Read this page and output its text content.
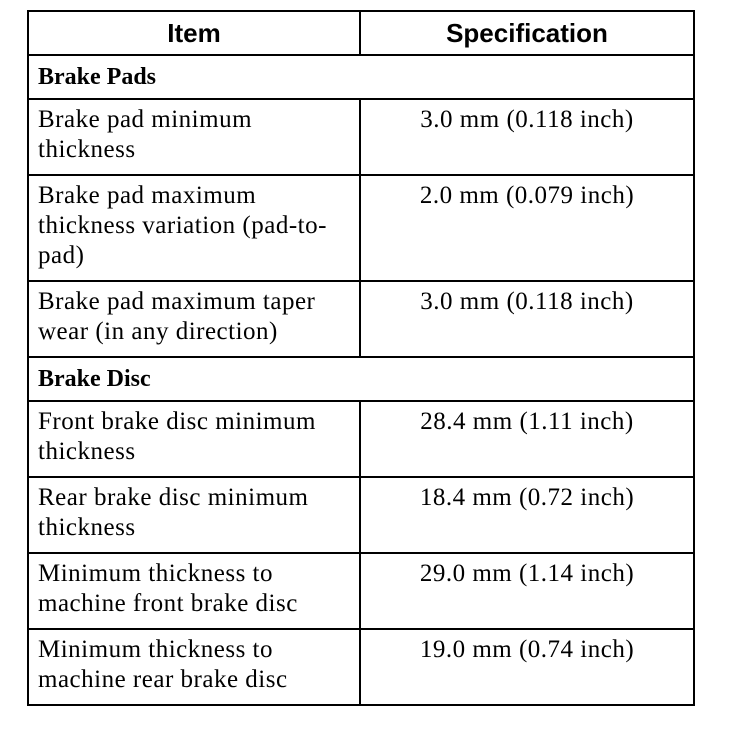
Item	Specification
Brake Pads	
Brake pad minimum thickness	3.0 mm (0.118 inch)
Brake pad maximum thickness variation (pad-to-pad)	2.0 mm (0.079 inch)
Brake pad maximum taper wear (in any direction)	3.0 mm (0.118 inch)
Brake Disc	
Front brake disc minimum thickness	28.4 mm (1.11 inch)
Rear brake disc minimum thickness	18.4 mm (0.72 inch)
Minimum thickness to machine front brake disc	29.0 mm (1.14 inch)
Minimum thickness to machine rear brake disc	19.0 mm (0.74 inch)
